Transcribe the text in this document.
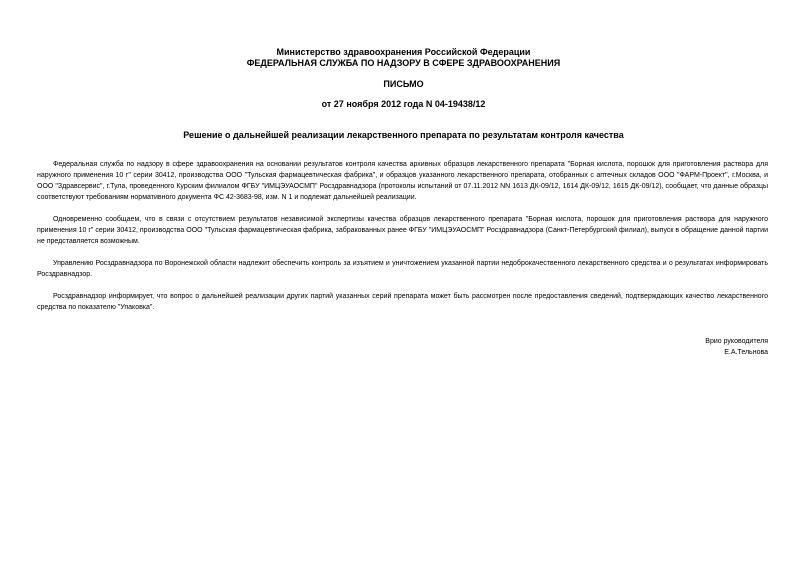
Министерство здравоохранения Российской Федерации
ФЕДЕРАЛЬНАЯ СЛУЖБА ПО НАДЗОРУ В СФЕРЕ ЗДРАВООХРАНЕНИЯ
ПИСЬМО
от 27 ноября 2012 года N 04-19438/12
Решение о дальнейшей реализации лекарственного препарата по результатам контроля качества

Федеральная служба по надзору в сфере здравоохранения на основании результатов контроля качества архивных образцов лекарственного препарата "Борная кислота, порошок для приготовления раствора для наружного применения 10 г" серии 30412, производства ООО "Тульская фармацевтическая фабрика", и образцов указанного лекарственного препарата, отобранных с аптечных складов ООО "ФАРМ-Проект", г.Москва, и ООО "Здравсервис", г.Тула, проведенного Курским филиалом ФГБУ "ИМЦЭУАОСМП" Росздравнадзора (протоколы испытаний от 07.11.2012 NN 1613 ДК-09/12, 1614 ДК-09/12, 1615 ДК-09/12), сообщает, что данные образцы соответствуют требованиям нормативного документа ФС 42-3683-98, изм. N 1 и подлежат дальнейшей реализации.

Одновременно сообщаем, что в связи с отсутствием результатов независимой экспертизы качества образцов лекарственного препарата "Борная кислота, порошок для приготовления раствора для наружного применения 10 г" серии 30412, производства ООО "Тульская фармацевтическая фабрика, забракованных ранее ФГБУ "ИМЦЭУАОСМП" Росздравнадзора (Санкт-Петербургский филиал), выпуск в обращение данной партии не представляется возможным.

Управлению Росздравнадзора по Воронежской области надлежит обеспечить контроль за изъятием и уничтожением указанной партии недоброкачественного лекарственного средства и о результатах информировать Росздравнадзор.

Росздравнадзор информирует, что вопрос о дальнейшей реализации других партий указанных серий препарата может быть рассмотрен после предоставления сведений, подтверждающих качество лекарственного средства по показателю "Упаковка".

Врио руководителя
Е.А.Тельнова
